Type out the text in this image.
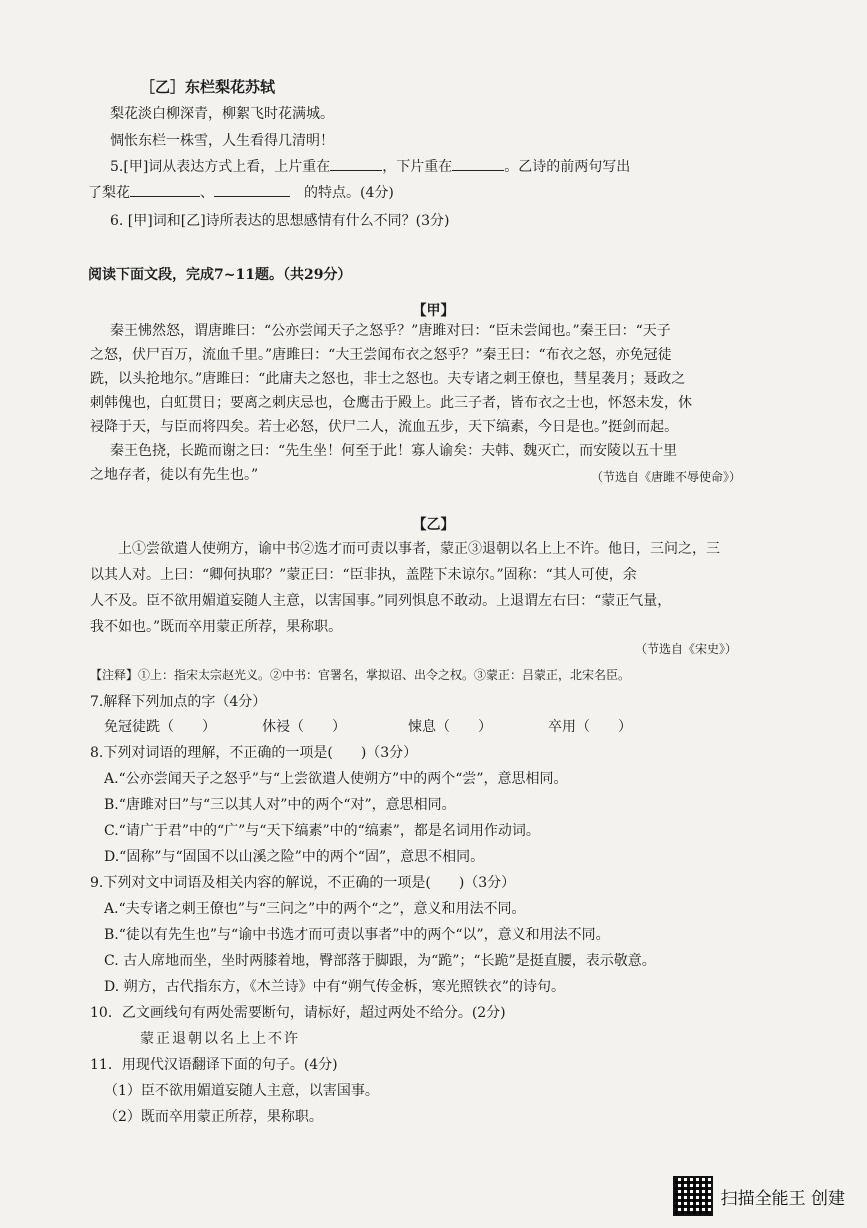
［乙］东栏梨花苏轼
梨花淡白柳深青，柳絮飞时花满城。
惆怅东栏一株雪，人生看得几清明！
5.[甲]词从表达方式上看，上片重在	，下片重在	。乙诗的前两句写出
了梨花	、　	的特点。(4分)
6. [甲]词和[乙]诗所表达的思想感情有什么不同？(3分)
阅读下面文段，完成7~11题。（共29分）
【甲】
秦王怫然怒，谓唐雎曰：“公亦尝闻天子之怒乎？”唐雎对曰：“臣未尝闻也。”秦王曰：“天子
之怒，伏尸百万，流血千里。”唐雎曰：“大王尝闻布衣之怒乎？”秦王曰：“布衣之怒，亦免冠徒
跣，以头抢地尔。”唐雎曰：“此庸夫之怒也，非士之怒也。夫专诸之刺王僚也，彗星袭月；聂政之
刺韩傀也，白虹贯日；要离之刺庆忌也，仓鹰击于殿上。此三子者，皆布衣之士也，怀怒未发，休
祲降于天，与臣而将四矣。若士必怒，伏尸二人，流血五步，天下缟素，今日是也。”挺剑而起。
秦王色挠，长跪而谢之曰：“先生坐！何至于此！寡人谕矣：夫韩、魏灭亡，而安陵以五十里
之地存者，徒以有先生也。”	（节选自《唐雎不辱使命》）
【乙】
上①尝欲遣人使朔方，谕中书②选才而可责以事者，蒙正③退朝以名上上不许。他日，三问之，三
以其人对。上曰：“卿何执耶？”蒙正曰：“臣非执，盖陛下未谅尔。”固称：“其人可使，余
人不及。臣不欲用媚道妄随人主意，以害国事。”同列惧息不敢动。上退谓左右曰：“蒙正气量，
我不如也。”既而卒用蒙正所荐，果称职。
（节选自《宋史》）
【注释】①上：指宋太宗赵光义。②中书：官署名，掌拟诏、出令之权。③蒙正：吕蒙正，北宋名臣。
7.解释下列加点的字（4分）
免冠徒跣（　　）	休祲（　　）	悚息（　　）	卒用（　　）
8.下列对词语的理解，不正确的一项是(　　)（3分）
A.“公亦尝闻天子之怒乎”与“上尝欲遣人使朔方”中的两个“尝”，意思相同。
B.“唐雎对曰”与“三以其人对”中的两个“对”，意思相同。
C.“请广于君”中的“广”与“天下缟素”中的“缟素”，都是名词用作动词。
D.“固称”与“固国不以山溪之险”中的两个“固”，意思不相同。
9.下列对文中词语及相关内容的解说，不正确的一项是(　　)（3分）
A.“夫专诸之刺王僚也”与“三问之”中的两个“之”，意义和用法不同。
B.“徒以有先生也”与“谕中书选才而可责以事者”中的两个“以”，意义和用法不同。
C. 古人席地而坐，坐时两膝着地，臀部落于脚跟，为“跪”；“长跪”是挺直腰，表示敬意。
D. 朔方，古代指东方，《木兰诗》中有“朔气传金柝，寒光照铁衣”的诗句。
10．乙文画线句有两处需要断句，请标好，超过两处不给分。(2分)
蒙正退朝以名上上不许
11．用现代汉语翻译下面的句子。(4分)
（1）臣不欲用媚道妄随人主意，以害国事。
（2）既而卒用蒙正所荐，果称职。
扫描全能王 创建
